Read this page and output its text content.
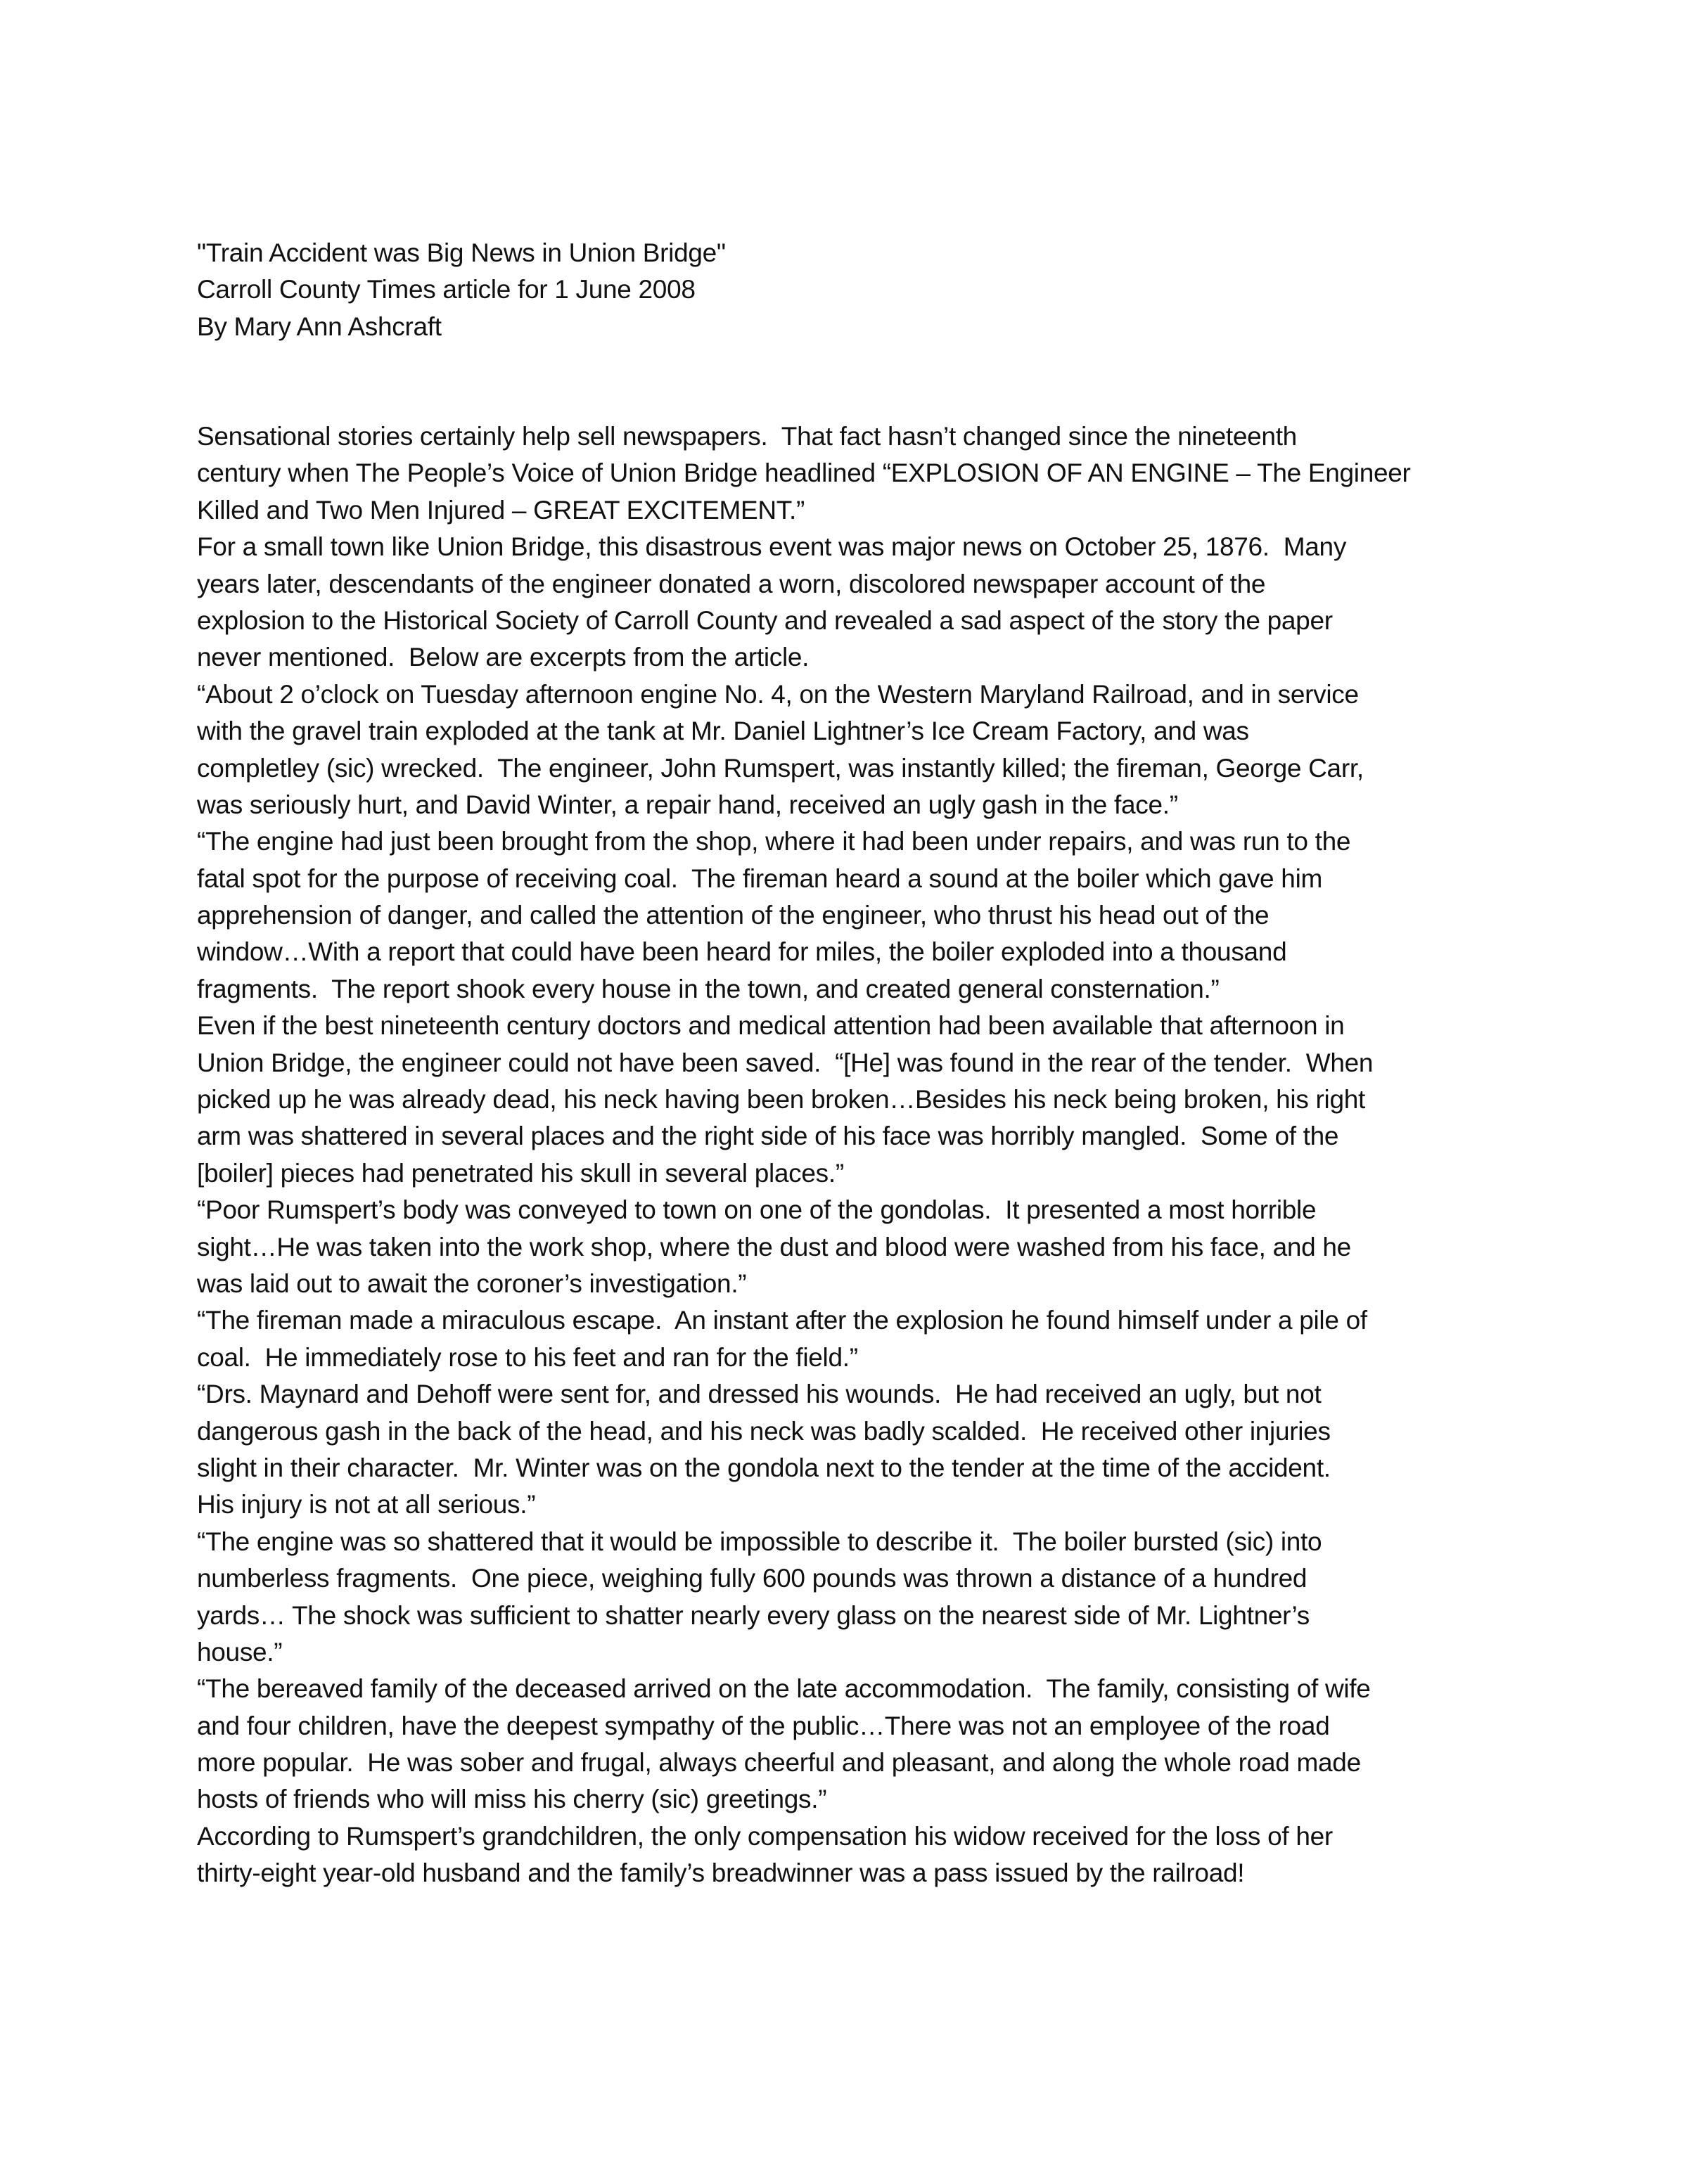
"Train Accident was Big News in Union Bridge"
Carroll County Times article for 1 June 2008
By Mary Ann Ashcraft
Sensational stories certainly help sell newspapers.  That fact hasn’t changed since the nineteenth
century when The People’s Voice of Union Bridge headlined “EXPLOSION OF AN ENGINE – The Engineer
Killed and Two Men Injured – GREAT EXCITEMENT.”
For a small town like Union Bridge, this disastrous event was major news on October 25, 1876.  Many
years later, descendants of the engineer donated a worn, discolored newspaper account of the
explosion to the Historical Society of Carroll County and revealed a sad aspect of the story the paper
never mentioned.  Below are excerpts from the article.
“About 2 o’clock on Tuesday afternoon engine No. 4, on the Western Maryland Railroad, and in service
with the gravel train exploded at the tank at Mr. Daniel Lightner’s Ice Cream Factory, and was
completley (sic) wrecked.  The engineer, John Rumspert, was instantly killed; the fireman, George Carr,
was seriously hurt, and David Winter, a repair hand, received an ugly gash in the face.”
“The engine had just been brought from the shop, where it had been under repairs, and was run to the
fatal spot for the purpose of receiving coal.  The fireman heard a sound at the boiler which gave him
apprehension of danger, and called the attention of the engineer, who thrust his head out of the
window…With a report that could have been heard for miles, the boiler exploded into a thousand
fragments.  The report shook every house in the town, and created general consternation.”
Even if the best nineteenth century doctors and medical attention had been available that afternoon in
Union Bridge, the engineer could not have been saved.  “[He] was found in the rear of the tender.  When
picked up he was already dead, his neck having been broken…Besides his neck being broken, his right
arm was shattered in several places and the right side of his face was horribly mangled.  Some of the
[boiler] pieces had penetrated his skull in several places.”
“Poor Rumspert’s body was conveyed to town on one of the gondolas.  It presented a most horrible
sight…He was taken into the work shop, where the dust and blood were washed from his face, and he
was laid out to await the coroner’s investigation.”
“The fireman made a miraculous escape.  An instant after the explosion he found himself under a pile of
coal.  He immediately rose to his feet and ran for the field.”
“Drs. Maynard and Dehoff were sent for, and dressed his wounds.  He had received an ugly, but not
dangerous gash in the back of the head, and his neck was badly scalded.  He received other injuries
slight in their character.  Mr. Winter was on the gondola next to the tender at the time of the accident.
His injury is not at all serious.”
“The engine was so shattered that it would be impossible to describe it.  The boiler bursted (sic) into
numberless fragments.  One piece, weighing fully 600 pounds was thrown a distance of a hundred
yards… The shock was sufficient to shatter nearly every glass on the nearest side of Mr. Lightner’s
house.”
“The bereaved family of the deceased arrived on the late accommodation.  The family, consisting of wife
and four children, have the deepest sympathy of the public…There was not an employee of the road
more popular.  He was sober and frugal, always cheerful and pleasant, and along the whole road made
hosts of friends who will miss his cherry (sic) greetings.”
According to Rumspert’s grandchildren, the only compensation his widow received for the loss of her
thirty-eight year-old husband and the family’s breadwinner was a pass issued by the railroad!
